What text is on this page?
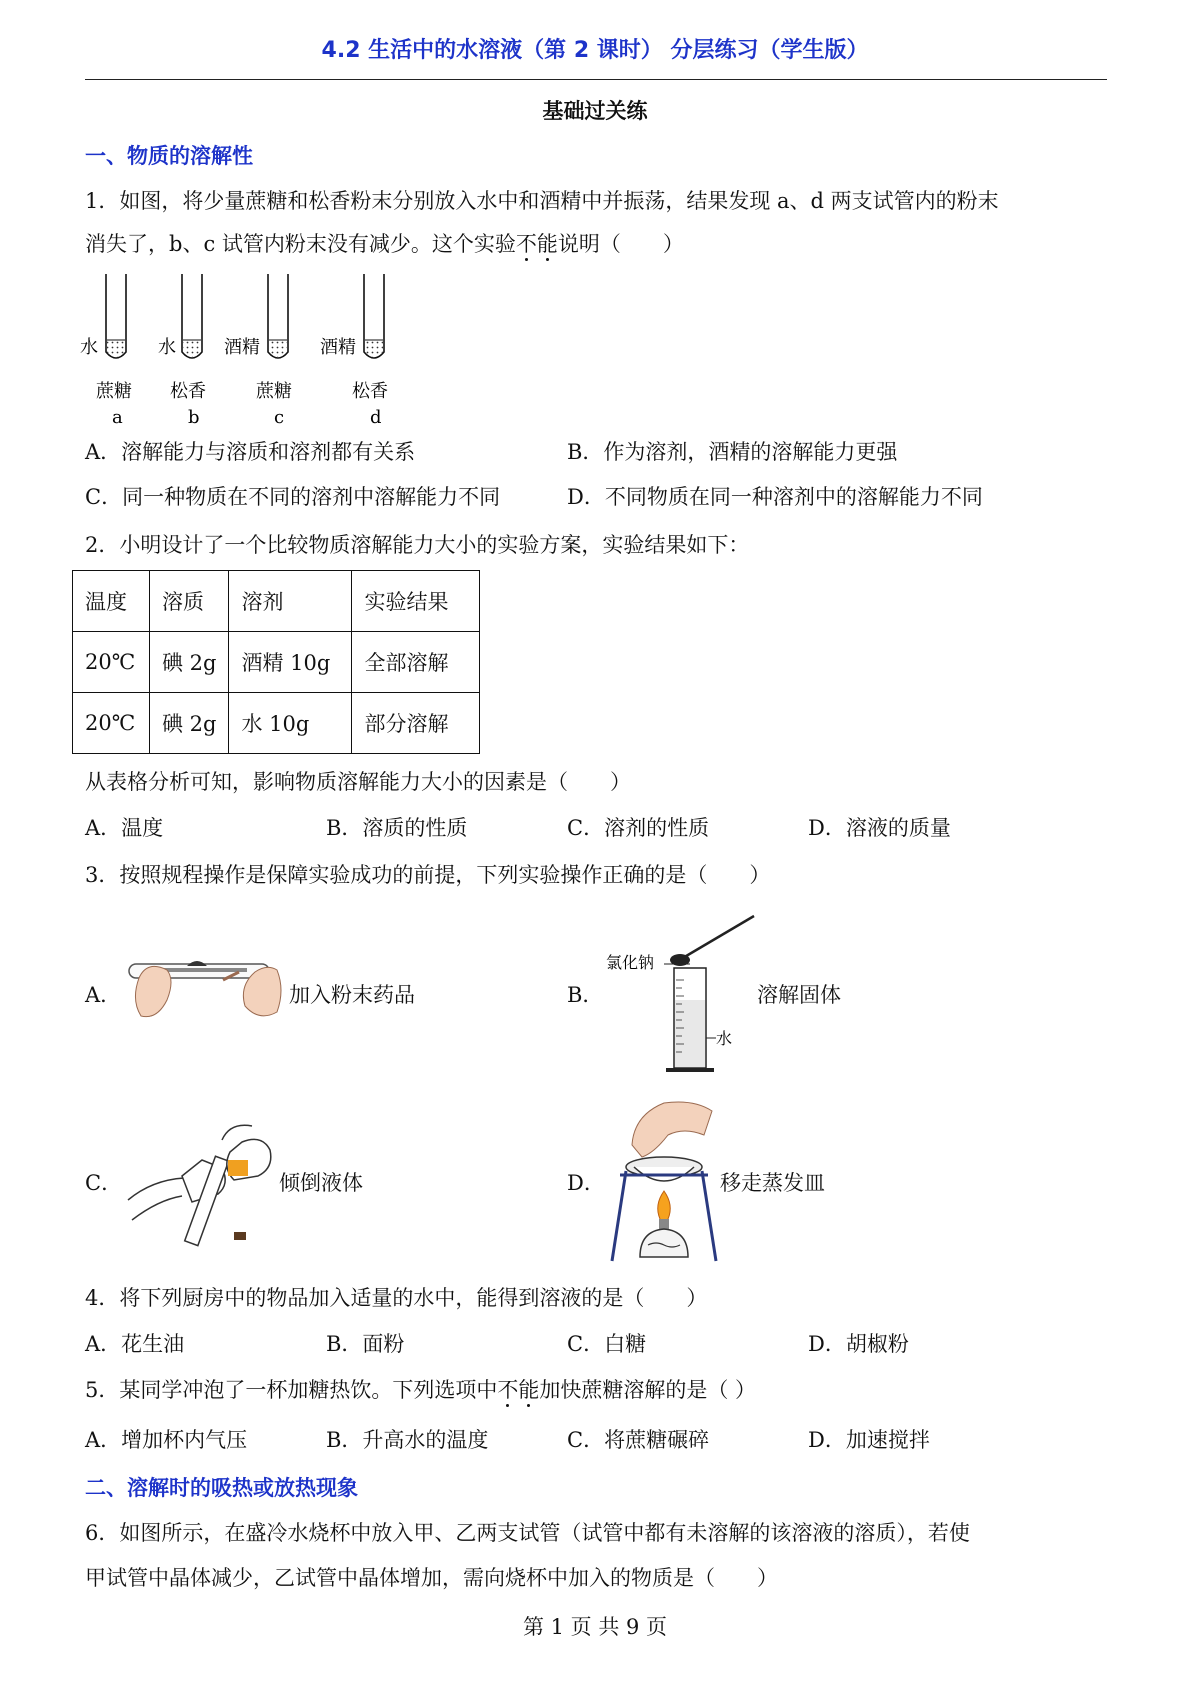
4.2 生活中的水溶液（第 2 课时） 分层练习（学生版）
基础过关练
一、物质的溶解性
1．如图，将少量蔗糖和松香粉末分别放入水中和酒精中并振荡，结果发现 a、d 两支试管内的粉末
消失了，b、c 试管内粉末没有减少。这个实验不能说明（　　）
水
蔗糖
a
水
松香
b
酒精
蔗糖
c
酒精
松香
d
A．溶解能力与溶质和溶剂都有关系	B．作为溶剂，酒精的溶解能力更强
C．同一种物质在不同的溶剂中溶解能力不同	D．不同物质在同一种溶剂中的溶解能力不同
2．小明设计了一个比较物质溶解能力大小的实验方案，实验结果如下：
温度	溶质	溶剂	实验结果
20℃	碘 2g	酒精 10g	全部溶解
20℃	碘 2g	水 10g	部分溶解
从表格分析可知，影响物质溶解能力大小的因素是（　　）
A．温度	B．溶质的性质	C．溶剂的性质	D．溶液的质量
3．按照规程操作是保障实验成功的前提，下列实验操作正确的是（　　）
A．	加入粉末药品	B．
氯化钠
水
溶解固体
C．	倾倒液体	D．	移走蒸发皿
4．将下列厨房中的物品加入适量的水中，能得到溶液的是（　　）
A．花生油	B．面粉	C．白糖	D．胡椒粉
5．某同学冲泡了一杯加糖热饮。下列选项中不能加快蔗糖溶解的是（ ）
A．增加杯内气压	B．升高水的温度	C．将蔗糖碾碎	D．加速搅拌
二、溶解时的吸热或放热现象
6．如图所示，在盛冷水烧杯中放入甲、乙两支试管（试管中都有未溶解的该溶液的溶质），若使
甲试管中晶体减少，乙试管中晶体增加，需向烧杯中加入的物质是（　　）
第 1 页 共 9 页
